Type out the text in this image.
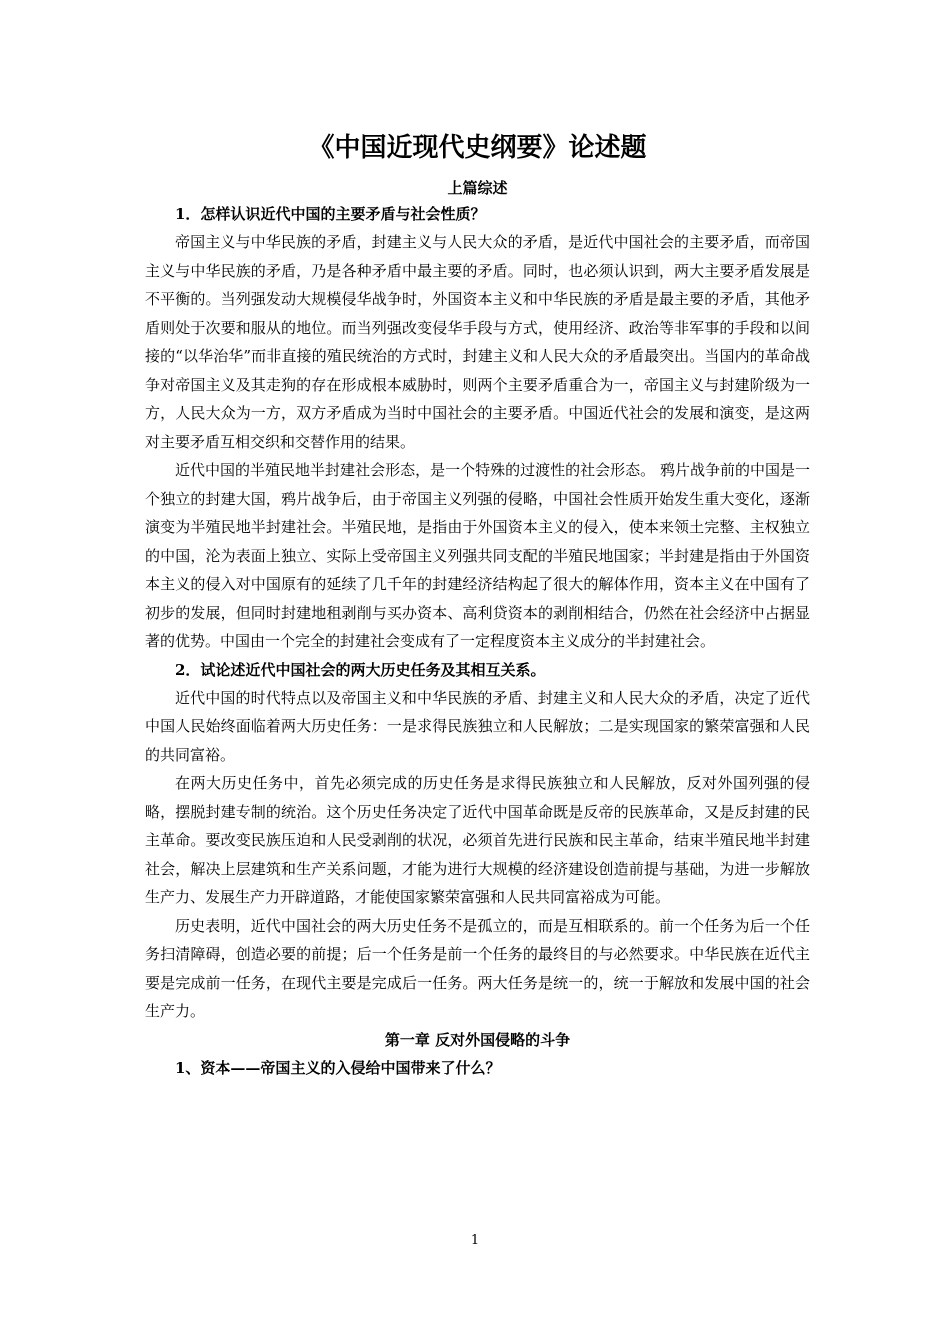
《中国近现代史纲要》论述题

上篇综述

1．怎样认识近代中国的主要矛盾与社会性质？

帝国主义与中华民族的矛盾，封建主义与人民大众的矛盾，是近代中国社会的主要矛盾，而帝国主义与中华民族的矛盾，乃是各种矛盾中最主要的矛盾。同时，也必须认识到，两大主要矛盾发展是不平衡的。当列强发动大规模侵华战争时，外国资本主义和中华民族的矛盾是最主要的矛盾，其他矛盾则处于次要和服从的地位。而当列强改变侵华手段与方式，使用经济、政治等非军事的手段和以间接的“以华治华”而非直接的殖民统治的方式时，封建主义和人民大众的矛盾最突出。当国内的革命战争对帝国主义及其走狗的存在形成根本威胁时，则两个主要矛盾重合为一，帝国主义与封建阶级为一方，人民大众为一方，双方矛盾成为当时中国社会的主要矛盾。中国近代社会的发展和演变，是这两对主要矛盾互相交织和交替作用的结果。

近代中国的半殖民地半封建社会形态，是一个特殊的过渡性的社会形态。 鸦片战争前的中国是一个独立的封建大国，鸦片战争后，由于帝国主义列强的侵略，中国社会性质开始发生重大变化，逐渐演变为半殖民地半封建社会。半殖民地，是指由于外国资本主义的侵入，使本来领土完整、主权独立的中国，沦为表面上独立、实际上受帝国主义列强共同支配的半殖民地国家；半封建是指由于外国资本主义的侵入对中国原有的延续了几千年的封建经济结构起了很大的解体作用，资本主义在中国有了初步的发展，但同时封建地租剥削与买办资本、高利贷资本的剥削相结合，仍然在社会经济中占据显著的优势。中国由一个完全的封建社会变成有了一定程度资本主义成分的半封建社会。

2．试论述近代中国社会的两大历史任务及其相互关系。

近代中国的时代特点以及帝国主义和中华民族的矛盾、封建主义和人民大众的矛盾，决定了近代中国人民始终面临着两大历史任务：一是求得民族独立和人民解放；二是实现国家的繁荣富强和人民的共同富裕。

在两大历史任务中，首先必须完成的历史任务是求得民族独立和人民解放，反对外国列强的侵略，摆脱封建专制的统治。这个历史任务决定了近代中国革命既是反帝的民族革命，又是反封建的民主革命。要改变民族压迫和人民受剥削的状况，必须首先进行民族和民主革命，结束半殖民地半封建社会，解决上层建筑和生产关系问题，才能为进行大规模的经济建设创造前提与基础，为进一步解放生产力、发展生产力开辟道路，才能使国家繁荣富强和人民共同富裕成为可能。

历史表明，近代中国社会的两大历史任务不是孤立的，而是互相联系的。前一个任务为后一个任务扫清障碍，创造必要的前提；后一个任务是前一个任务的最终目的与必然要求。中华民族在近代主要是完成前一任务，在现代主要是完成后一任务。两大任务是统一的，统一于解放和发展中国的社会生产力。

第一章 反对外国侵略的斗争

1、资本——帝国主义的入侵给中国带来了什么？

1
